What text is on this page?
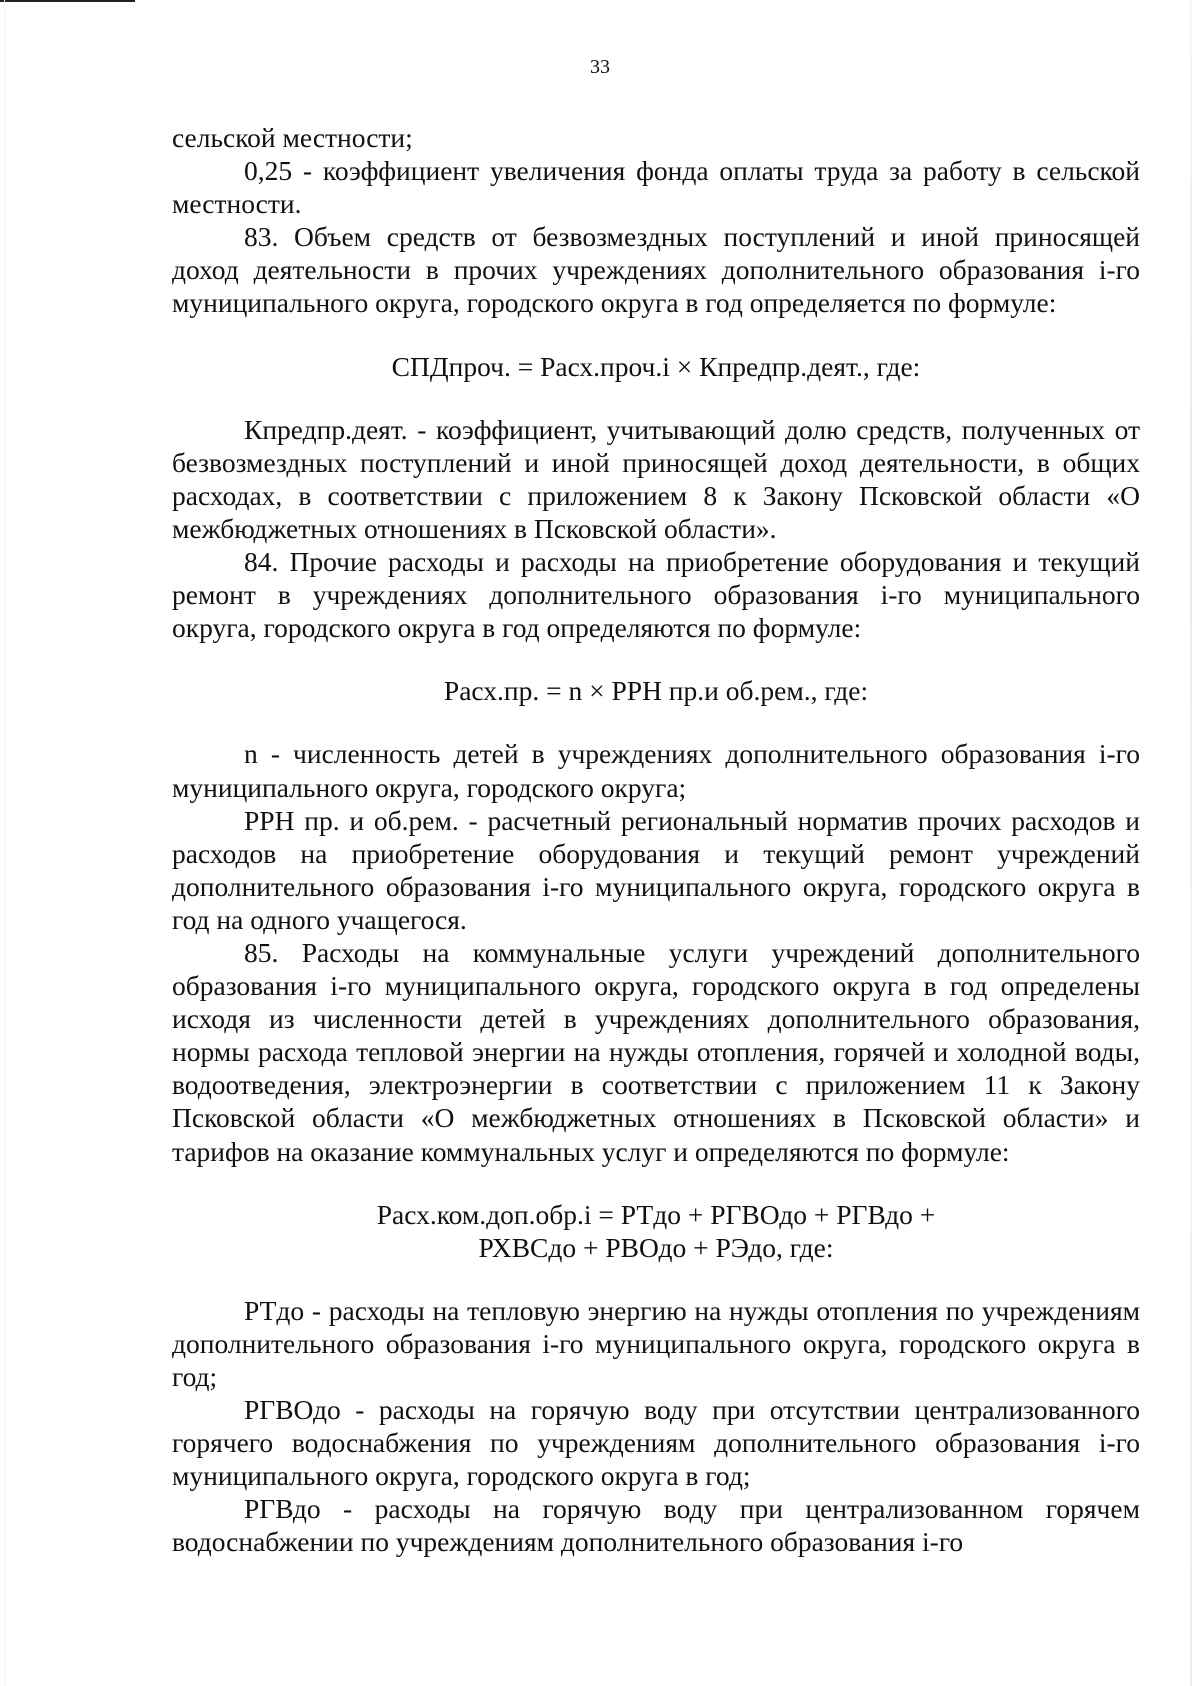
33

сельской местности;

0,25 - коэффициент увеличения фонда оплаты труда за работу в сельской местности.

83. Объем средств от безвозмездных поступлений и иной приносящей доход деятельности в прочих учреждениях дополнительного образования i-го муниципального округа, городского округа в год определяется по формуле:

СПДпроч. = Расх.проч.i × Кпредпр.деят., где:

Кпредпр.деят. - коэффициент, учитывающий долю средств, полученных от безвозмездных поступлений и иной приносящей доход деятельности, в общих расходах, в соответствии с приложением 8 к Закону Псковской области «О межбюджетных отношениях в Псковской области».

84. Прочие расходы и расходы на приобретение оборудования и текущий ремонт в учреждениях дополнительного образования i-го муниципального округа, городского округа в год определяются по формуле:

Расх.пр. = n × РРН пр.и об.рем., где:

n - численность детей в учреждениях дополнительного образования i-го муниципального округа, городского округа;

РРН пр. и об.рем. - расчетный региональный норматив прочих расходов и расходов на приобретение оборудования и текущий ремонт учреждений дополнительного образования i-го муниципального округа, городского округа в год на одного учащегося.

85. Расходы на коммунальные услуги учреждений дополнительного образования i-го муниципального округа, городского округа в год определены исходя из численности детей в учреждениях дополнительного образования, нормы расхода тепловой энергии на нужды отопления, горячей и холодной воды, водоотведения, электроэнергии в соответствии с приложением 11 к Закону Псковской области «О межбюджетных отношениях в Псковской области» и тарифов на оказание коммунальных услуг и определяются по формуле:

Расх.ком.доп.обр.i = РТдо + РГВОдо + РГВдо +
РХВСдо + РВОдо + РЭдо, где:

РТдо - расходы на тепловую энергию на нужды отопления по учреждениям дополнительного образования i-го муниципального округа, городского округа в год;

РГВОдо - расходы на горячую воду при отсутствии централизованного горячего водоснабжения по учреждениям дополнительного образования i-го муниципального округа, городского округа в год;

РГВдо - расходы на горячую воду при централизованном горячем водоснабжении по учреждениям дополнительного образования i-го
